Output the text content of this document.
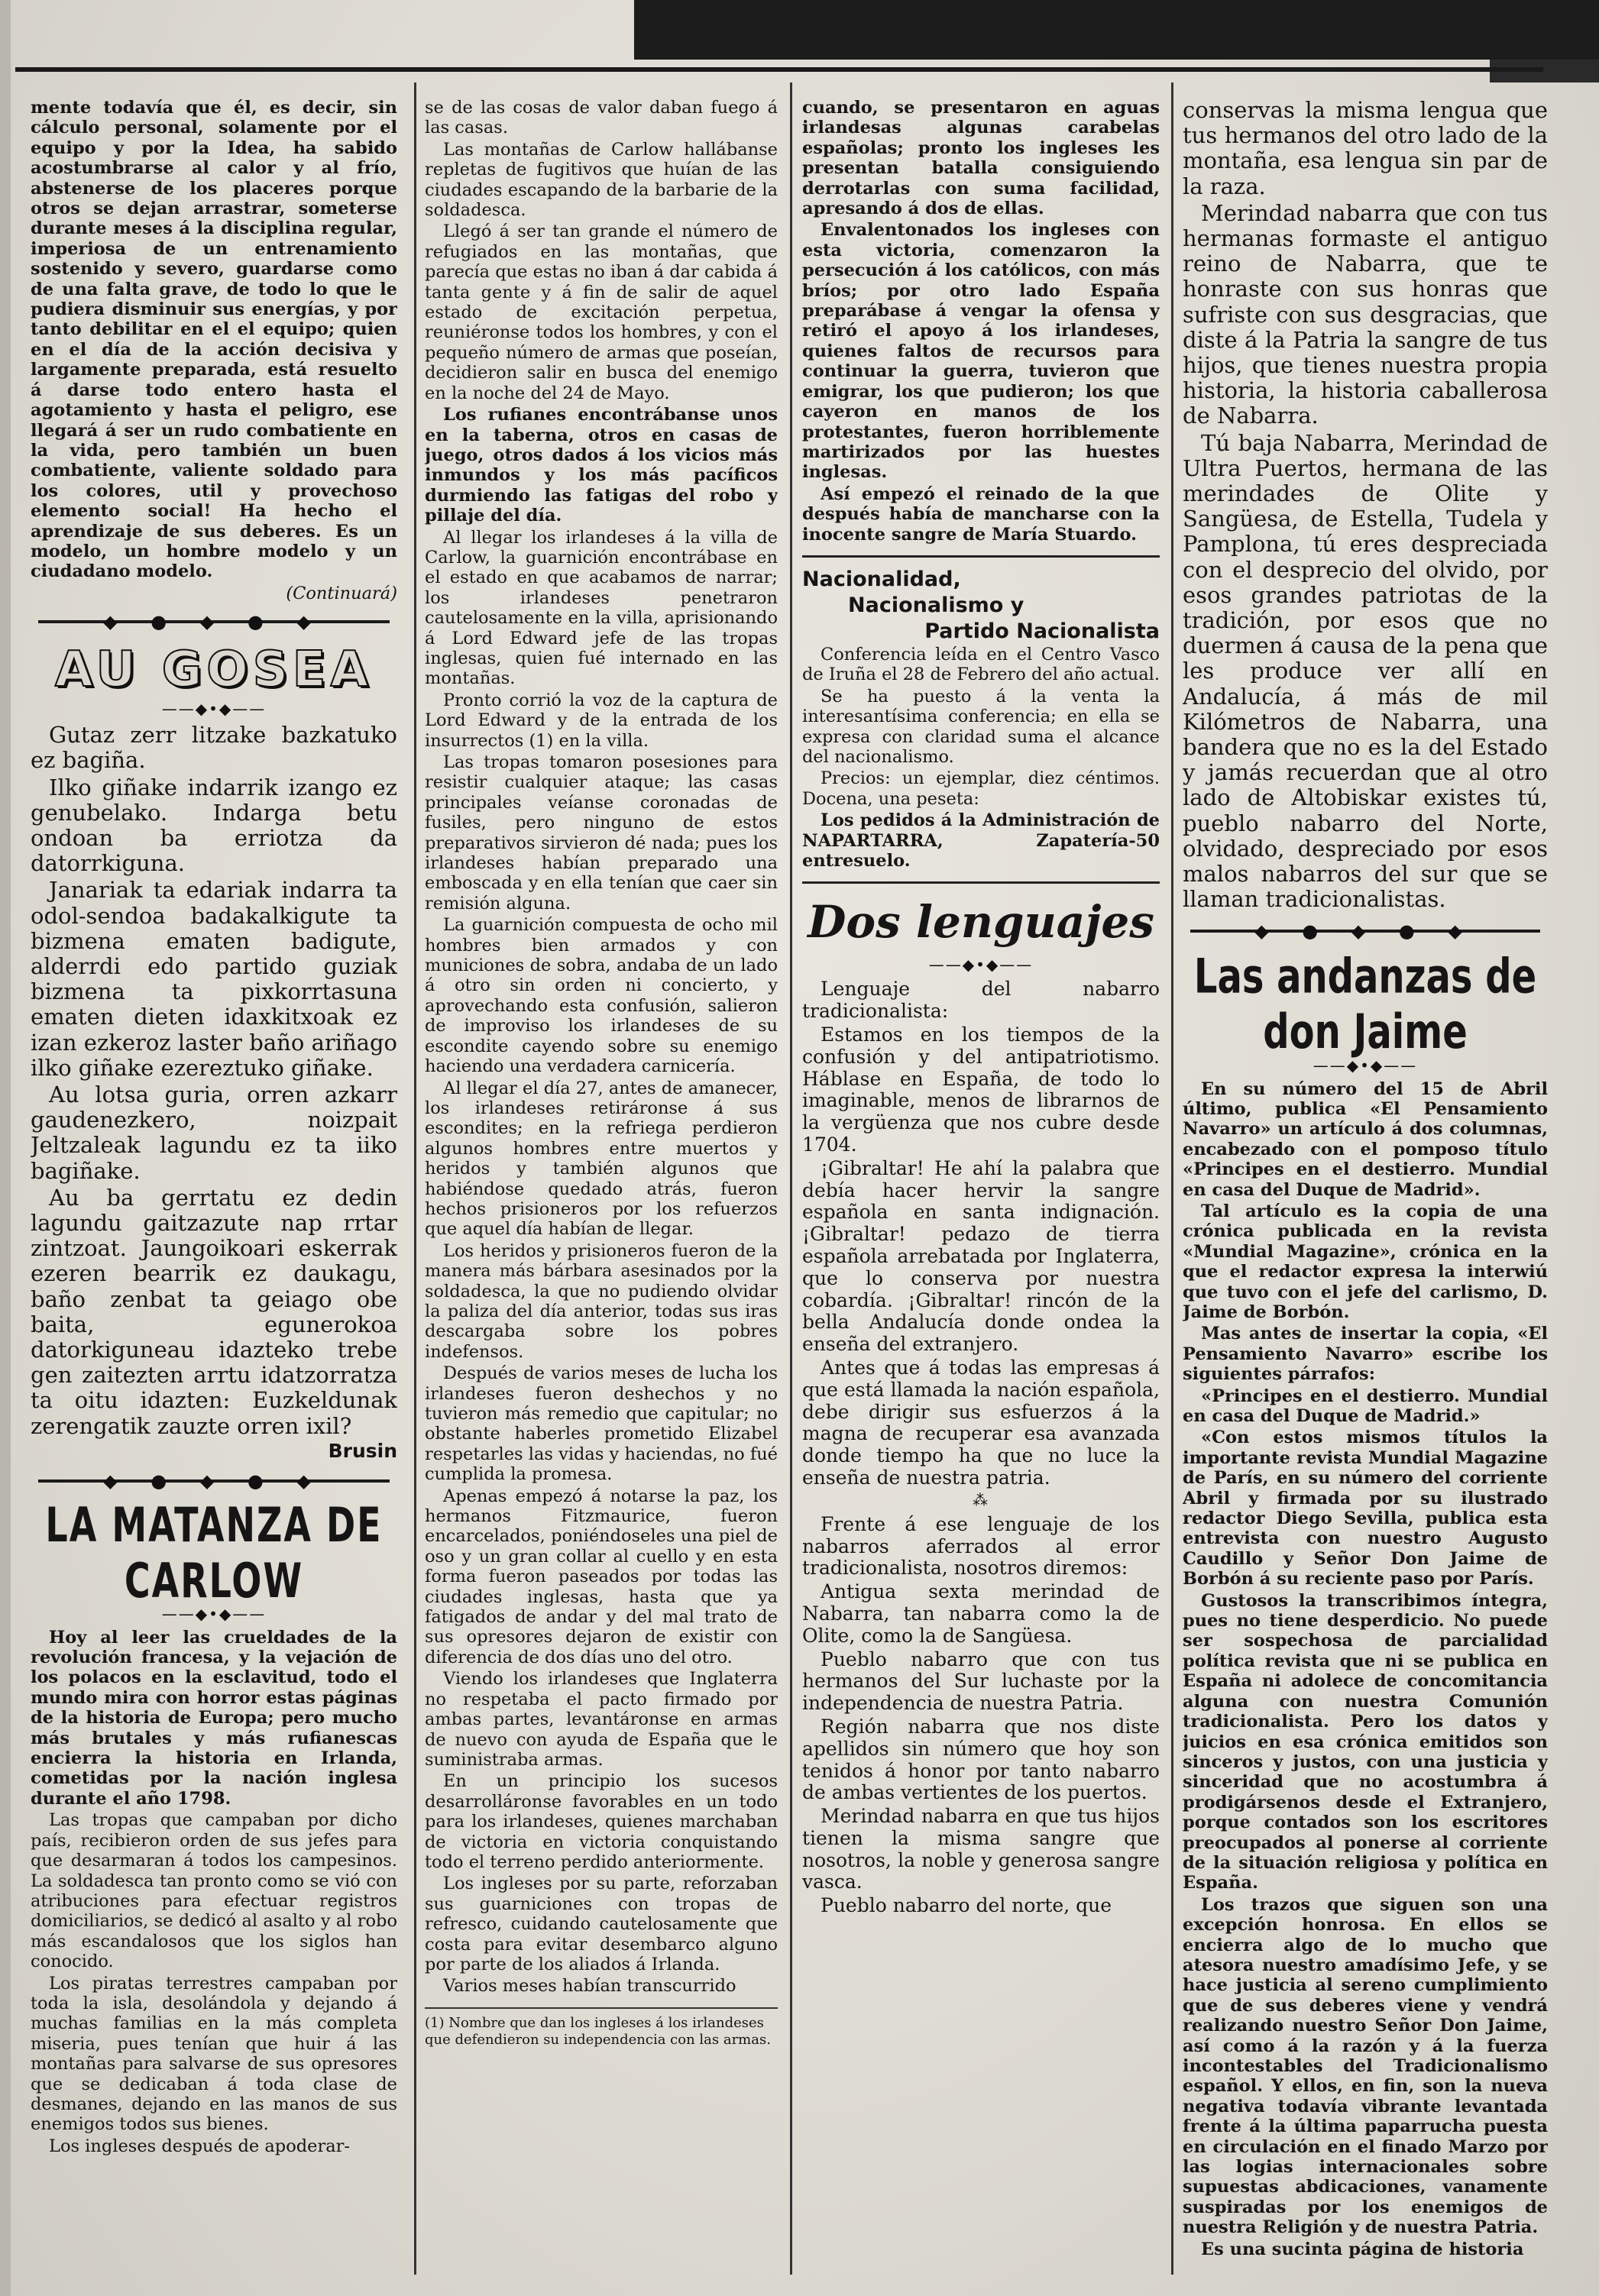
mente todavía que él, es decir, sin cálculo personal, solamente por el equipo y por la Idea, ha sabido acostumbrarse al calor y al frío, abstenerse de los placeres porque otros se dejan arrastrar, someterse durante meses á la disciplina regular, imperiosa de un entrenamiento sostenido y severo, guardarse como de una falta grave, de todo lo que le pudiera disminuir sus energías, y por tanto debilitar en el el equipo; quien en el día de la acción decisiva y largamente preparada, está resuelto á darse todo entero hasta el agotamiento y hasta el peligro, ese llegará á ser un rudo combatiente en la vida, pero también un buen combatiente, valiente soldado para los colores, util y provechoso elemento social! Ha hecho el aprendizaje de sus deberes. Es un modelo, un hombre modelo y un ciudadano modelo.

(Continuará)

◆ ● ◆ ● ◆
AU GOSEA
——◆•◆——

Gutaz zerr litzake bazkatuko ez bagiña.

Ilko giñake indarrik izango ez genubelako. Indarga betu ondoan ba erriotza da datorrkiguna.

Janariak ta edariak indarra ta odol-sendoa badakalkigute ta bizmena ematen badigute, alderrdi edo partido guziak bizmena ta pixkorrtasuna ematen dieten idaxkitxoak ez izan ezkeroz laster baño ariñago ilko giñake ezereztuko giñake.

Au lotsa guria, orren azkarr gaudenezkero, noizpait Jeltzaleak lagundu ez ta iiko bagiñake.

Au ba gerrtatu ez dedin lagundu gaitzazute nap rrtar zintzoat. Jaungoikoari eskerrak ezeren bearrik ez daukagu, baño zenbat ta geiago obe baita, egunerokoa datorkiguneau idazteko trebe gen zaitezten arrtu idatzorratza ta oitu idazten: Euzkeldunak zerengatik zauzte orren ixil?

Brusin

◆ ● ◆ ● ◆
LA MATANZA DE CARLOW
——◆•◆——

Hoy al leer las crueldades de la revolución francesa, y la vejación de los polacos en la esclavitud, todo el mundo mira con horror estas páginas de la historia de Europa; pero mucho más brutales y más rufianescas encierra la historia en Irlanda, cometidas por la nación inglesa durante el año 1798.

Las tropas que campaban por dicho país, recibieron orden de sus jefes para que desarmaran á todos los campesinos. La soldadesca tan pronto como se vió con atribuciones para efectuar registros domiciliarios, se dedicó al asalto y al robo más escandalosos que los siglos han conocido.

Los piratas terrestres campaban por toda la isla, desolándola y dejando á muchas familias en la más completa miseria, pues tenían que huir á las montañas para salvarse de sus opresores que se dedicaban á toda clase de desmanes, dejando en las manos de sus enemigos todos sus bienes.

Los ingleses después de apoderar-

se de las cosas de valor daban fuego á las casas.

Las montañas de Carlow hallábanse repletas de fugitivos que huían de las ciudades escapando de la barbarie de la soldadesca.

Llegó á ser tan grande el número de refugiados en las montañas, que parecía que estas no iban á dar cabida á tanta gente y á fin de salir de aquel estado de excitación perpetua, reuniéronse todos los hombres, y con el pequeño número de armas que poseían, decidieron salir en busca del enemigo en la noche del 24 de Mayo.

Los rufianes encontrábanse unos en la taberna, otros en casas de juego, otros dados á los vicios más inmundos y los más pacíficos durmiendo las fatigas del robo y pillaje del día.

Al llegar los irlandeses á la villa de Carlow, la guarnición encontrábase en el estado en que acabamos de narrar; los irlandeses penetraron cautelosamente en la villa, aprisionando á Lord Edward jefe de las tropas inglesas, quien fué internado en las montañas.

Pronto corrió la voz de la captura de Lord Edward y de la entrada de los insurrectos (1) en la villa.

Las tropas tomaron posesiones para resistir cualquier ataque; las casas principales veíanse coronadas de fusiles, pero ninguno de estos preparativos sirvieron dé nada; pues los irlandeses habían preparado una emboscada y en ella tenían que caer sin remisión alguna.

La guarnición compuesta de ocho mil hombres bien armados y con municiones de sobra, andaba de un lado á otro sin orden ni concierto, y aprovechando esta confusión, salieron de improviso los irlandeses de su escondite cayendo sobre su enemigo haciendo una verdadera carnicería.

Al llegar el día 27, antes de amanecer, los irlandeses retiráronse á sus escondites; en la refriega perdieron algunos hombres entre muertos y heridos y también algunos que habiéndose quedado atrás, fueron hechos prisioneros por los refuerzos que aquel día habían de llegar.

Los heridos y prisioneros fueron de la manera más bárbara asesinados por la soldadesca, la que no pudiendo olvidar la paliza del día anterior, todas sus iras descargaba sobre los pobres indefensos.

Después de varios meses de lucha los irlandeses fueron deshechos y no tuvieron más remedio que capitular; no obstante haberles prometido Elizabel respetarles las vidas y haciendas, no fué cumplida la promesa.

Apenas empezó á notarse la paz, los hermanos Fitzmaurice, fueron encarcelados, poniéndoseles una piel de oso y un gran collar al cuello y en esta forma fueron paseados por todas las ciudades inglesas, hasta que ya fatigados de andar y del mal trato de sus opresores dejaron de existir con diferencia de dos días uno del otro.

Viendo los irlandeses que Inglaterra no respetaba el pacto firmado por ambas partes, levantáronse en armas de nuevo con ayuda de España que le suministraba armas.

En un principio los sucesos desarrolláronse favorables en un todo para los irlandeses, quienes marchaban de victoria en victoria conquistando todo el terreno perdido anteriormente.

Los ingleses por su parte, reforzaban sus guarniciones con tropas de refresco, cuidando cautelosamente que costa para evitar desembarco alguno por parte de los aliados á Irlanda.

Varios meses habían transcurrido

(1) Nombre que dan los ingleses á los irlandeses que defendieron su independencia con las armas.

cuando, se presentaron en aguas irlandesas algunas carabelas españolas; pronto los ingleses les presentan batalla consiguiendo derrotarlas con suma facilidad, apresando á dos de ellas.

Envalentonados los ingleses con esta victoria, comenzaron la persecución á los católicos, con más bríos; por otro lado España preparábase á vengar la ofensa y retiró el apoyo á los irlandeses, quienes faltos de recursos para continuar la guerra, tuvieron que emigrar, los que pudieron; los que cayeron en manos de los protestantes, fueron horriblemente martirizados por las huestes inglesas.

Así empezó el reinado de la que después había de mancharse con la inocente sangre de María Stuardo.

Nacionalidad,
Nacionalismo y
Partido Nacionalista

Conferencia leída en el Centro Vasco de Iruña el 28 de Febrero del año actual.

Se ha puesto á la venta la interesantísima conferencia; en ella se expresa con claridad suma el alcance del nacionalismo.

Precios: un ejemplar, diez céntimos. Docena, una peseta:

Los pedidos á la Administración de NAPARTARRA, Zapatería-50 entresuelo.

Dos lenguajes
——◆•◆——

Lenguaje del nabarro tradicionalista:

Estamos en los tiempos de la confusión y del antipatriotismo. Háblase en España, de todo lo imaginable, menos de librarnos de la vergüenza que nos cubre desde 1704.

¡Gibraltar! He ahí la palabra que debía hacer hervir la sangre española en santa indignación. ¡Gibraltar! pedazo de tierra española arrebatada por Inglaterra, que lo conserva por nuestra cobardía. ¡Gibraltar! rincón de la bella Andalucía donde ondea la enseña del extranjero.

Antes que á todas las empresas á que está llamada la nación española, debe dirigir sus esfuerzos á la magna de recuperar esa avanzada donde tiempo ha que no luce la enseña de nuestra patria.

⁂

Frente á ese lenguaje de los nabarros aferrados al error tradicionalista, nosotros diremos:

Antigua sexta merindad de Nabarra, tan nabarra como la de Olite, como la de Sangüesa.

Pueblo nabarro que con tus hermanos del Sur luchaste por la independencia de nuestra Patria.

Región nabarra que nos diste apellidos sin número que hoy son tenidos á honor por tanto nabarro de ambas vertientes de los puertos.

Merindad nabarra en que tus hijos tienen la misma sangre que nosotros, la noble y generosa sangre vasca.

Pueblo nabarro del norte, que

conservas la misma lengua que tus hermanos del otro lado de la montaña, esa lengua sin par de la raza.

Merindad nabarra que con tus hermanas formaste el antiguo reino de Nabarra, que te honraste con sus honras que sufriste con sus desgracias, que diste á la Patria la sangre de tus hijos, que tienes nuestra propia historia, la historia caballerosa de Nabarra.

Tú baja Nabarra, Merindad de Ultra Puertos, hermana de las merindades de Olite y Sangüesa, de Estella, Tudela y Pamplona, tú eres despreciada con el desprecio del olvido, por esos grandes patriotas de la tradición, por esos que no duermen á causa de la pena que les produce ver allí en Andalucía, á más de mil Kilómetros de Nabarra, una bandera que no es la del Estado y jamás recuerdan que al otro lado de Altobiskar existes tú, pueblo nabarro del Norte, olvidado, despreciado por esos malos nabarros del sur que se llaman tradicionalistas.

◆ ● ◆ ● ◆
Las andanzas de don Jaime
——◆•◆——

En su número del 15 de Abril último, publica «El Pensamiento Navarro» un artículo á dos columnas, encabezado con el pomposo título «Principes en el destierro. Mundial en casa del Duque de Madrid».

Tal artículo es la copia de una crónica publicada en la revista «Mundial Magazine», crónica en la que el redactor expresa la interwiú que tuvo con el jefe del carlismo, D. Jaime de Borbón.

Mas antes de insertar la copia, «El Pensamiento Navarro» escribe los siguientes párrafos:

«Principes en el destierro. Mundial en casa del Duque de Madrid.»

«Con estos mismos títulos la importante revista Mundial Magazine de París, en su número del corriente Abril y firmada por su ilustrado redactor Diego Sevilla, publica esta entrevista con nuestro Augusto Caudillo y Señor Don Jaime de Borbón á su reciente paso por París.

Gustosos la transcribimos íntegra, pues no tiene desperdicio. No puede ser sospechosa de parcialidad política revista que ni se publica en España ni adolece de concomitancia alguna con nuestra Comunión tradicionalista. Pero los datos y juicios en esa crónica emitidos son sinceros y justos, con una justicia y sinceridad que no acostumbra á prodigársenos desde el Extranjero, porque contados son los escritores preocupados al ponerse al corriente de la situación religiosa y política en España.

Los trazos que siguen son una excepción honrosa. En ellos se encierra algo de lo mucho que atesora nuestro amadísimo Jefe, y se hace justicia al sereno cumplimiento que de sus deberes viene y vendrá realizando nuestro Señor Don Jaime, así como á la razón y á la fuerza incontestables del Tradicionalismo español. Y ellos, en fin, son la nueva negativa todavía vibrante levantada frente á la última paparrucha puesta en circulación en el finado Marzo por las logias internacionales sobre supuestas abdicaciones, vanamente suspiradas por los enemigos de nuestra Religión y de nuestra Patria.

Es una sucinta página de historia
